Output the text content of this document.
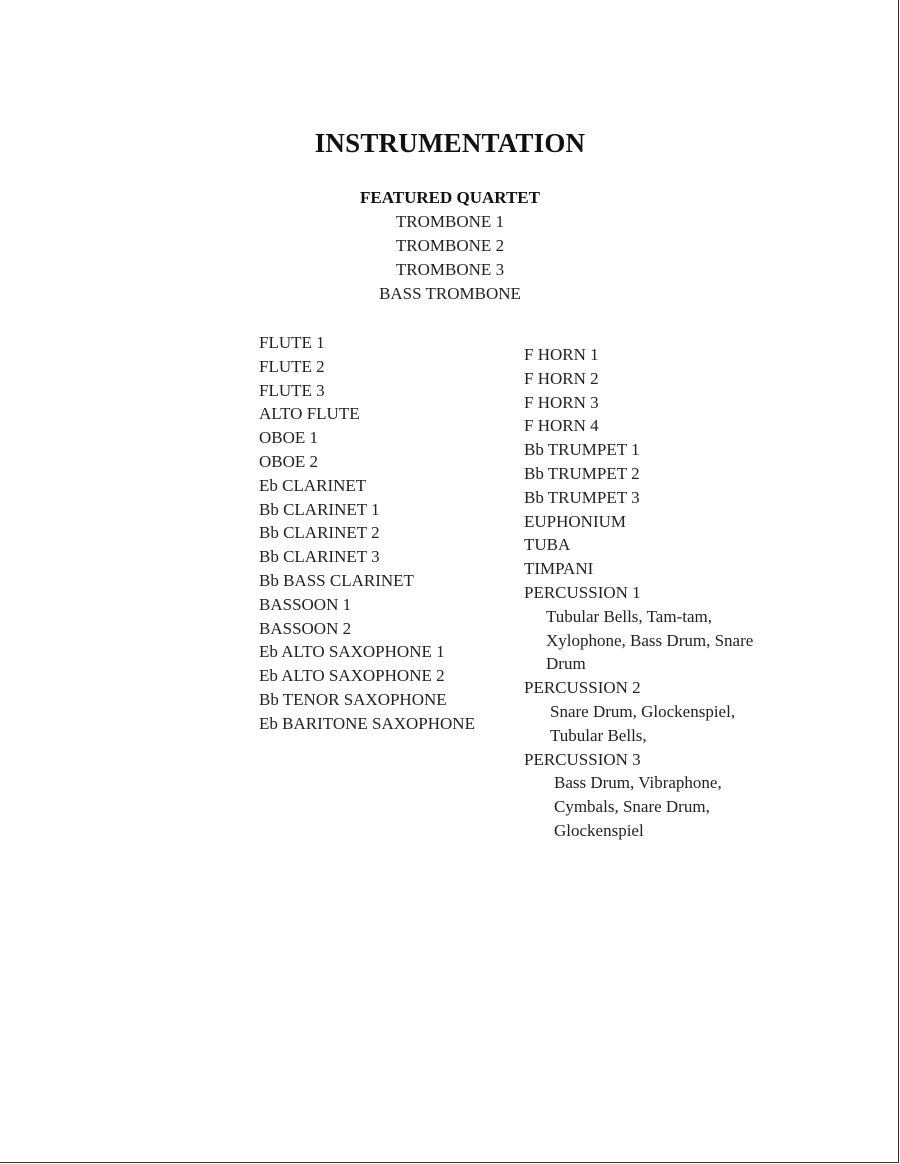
INSTRUMENTATION
FEATURED QUARTET
TROMBONE 1
TROMBONE 2
TROMBONE 3
BASS TROMBONE
FLUTE 1
FLUTE 2
FLUTE 3
ALTO FLUTE
OBOE 1
OBOE 2
Eb CLARINET
Bb CLARINET 1
Bb CLARINET 2
Bb CLARINET 3
Bb BASS CLARINET
BASSOON 1
BASSOON 2
Eb ALTO SAXOPHONE 1
Eb ALTO SAXOPHONE 2
Bb TENOR SAXOPHONE
Eb BARITONE SAXOPHONE
F HORN 1
F HORN 2
F HORN 3
F HORN 4
Bb TRUMPET 1
Bb TRUMPET 2
Bb TRUMPET 3
EUPHONIUM
TUBA
TIMPANI
PERCUSSION 1
Tubular Bells, Tam-tam,
Xylophone, Bass Drum, Snare
Drum
PERCUSSION 2
Snare Drum, Glockenspiel,
Tubular Bells,
PERCUSSION 3
Bass Drum, Vibraphone,
Cymbals, Snare Drum,
Glockenspiel
